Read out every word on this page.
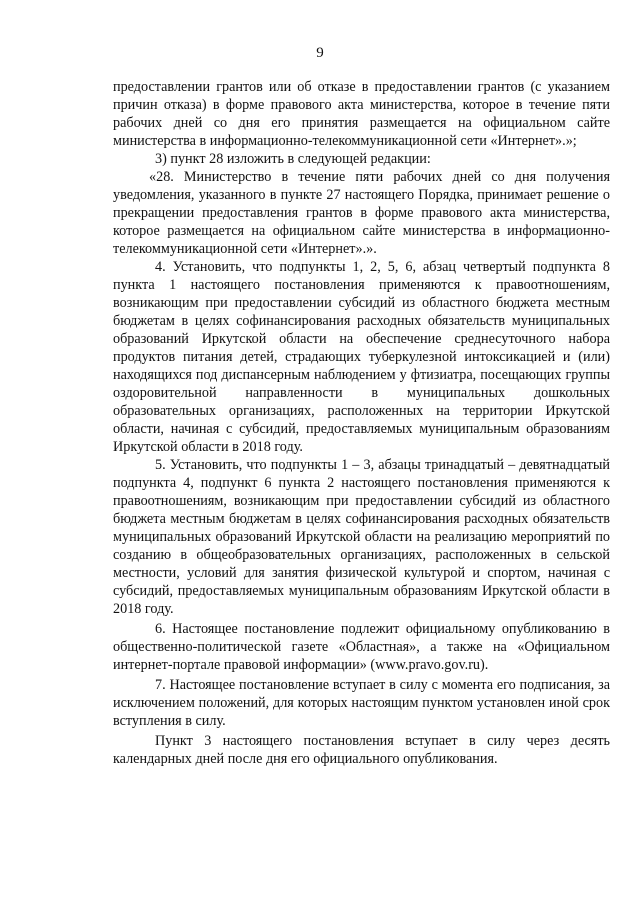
9

предоставлении грантов или об отказе в предоставлении грантов (с указанием причин отказа) в форме правового акта министерства, которое в течение пяти рабочих дней со дня его принятия размещается на официальном сайте министерства в информационно-телекоммуникационной сети «Интернет».»;

3) пункт 28 изложить в следующей редакции:

«28. Министерство в течение пяти рабочих дней со дня получения уведомления, указанного в пункте 27 настоящего Порядка, принимает решение о прекращении предоставления грантов в форме правового акта министерства, которое размещается на официальном сайте министерства в информационно-телекоммуникационной сети «Интернет».».

4. Установить, что подпункты 1, 2, 5, 6, абзац четвертый подпункта 8 пункта 1 настоящего постановления применяются к правоотношениям, возникающим при предоставлении субсидий из областного бюджета местным бюджетам в целях софинансирования расходных обязательств муниципальных образований Иркутской области на обеспечение среднесуточного набора продуктов питания детей, страдающих туберкулезной интоксикацией и (или) находящихся под диспансерным наблюдением у фтизиатра, посещающих группы оздоровительной направленности в муниципальных дошкольных образовательных организациях, расположенных на территории Иркутской области, начиная с субсидий, предоставляемых муниципальным образованиям Иркутской области в 2018 году.

5. Установить, что подпункты 1 – 3, абзацы тринадцатый – девятнадцатый подпункта 4, подпункт 6 пункта 2 настоящего постановления применяются к правоотношениям, возникающим при предоставлении субсидий из областного бюджета местным бюджетам в целях софинансирования расходных обязательств муниципальных образований Иркутской области на реализацию мероприятий по созданию в общеобразовательных организациях, расположенных в сельской местности, условий для занятия физической культурой и спортом, начиная с субсидий, предоставляемых муниципальным образованиям Иркутской области в 2018 году.

6. Настоящее постановление подлежит официальному опубликованию в общественно-политической газете «Областная», а также на «Официальном интернет-портале правовой информации» (www.pravo.gov.ru).

7. Настоящее постановление вступает в силу с момента его подписания, за исключением положений, для которых настоящим пунктом установлен иной срок вступления в силу.

Пункт 3 настоящего постановления вступает в силу через десять календарных дней после дня его официального опубликования.
